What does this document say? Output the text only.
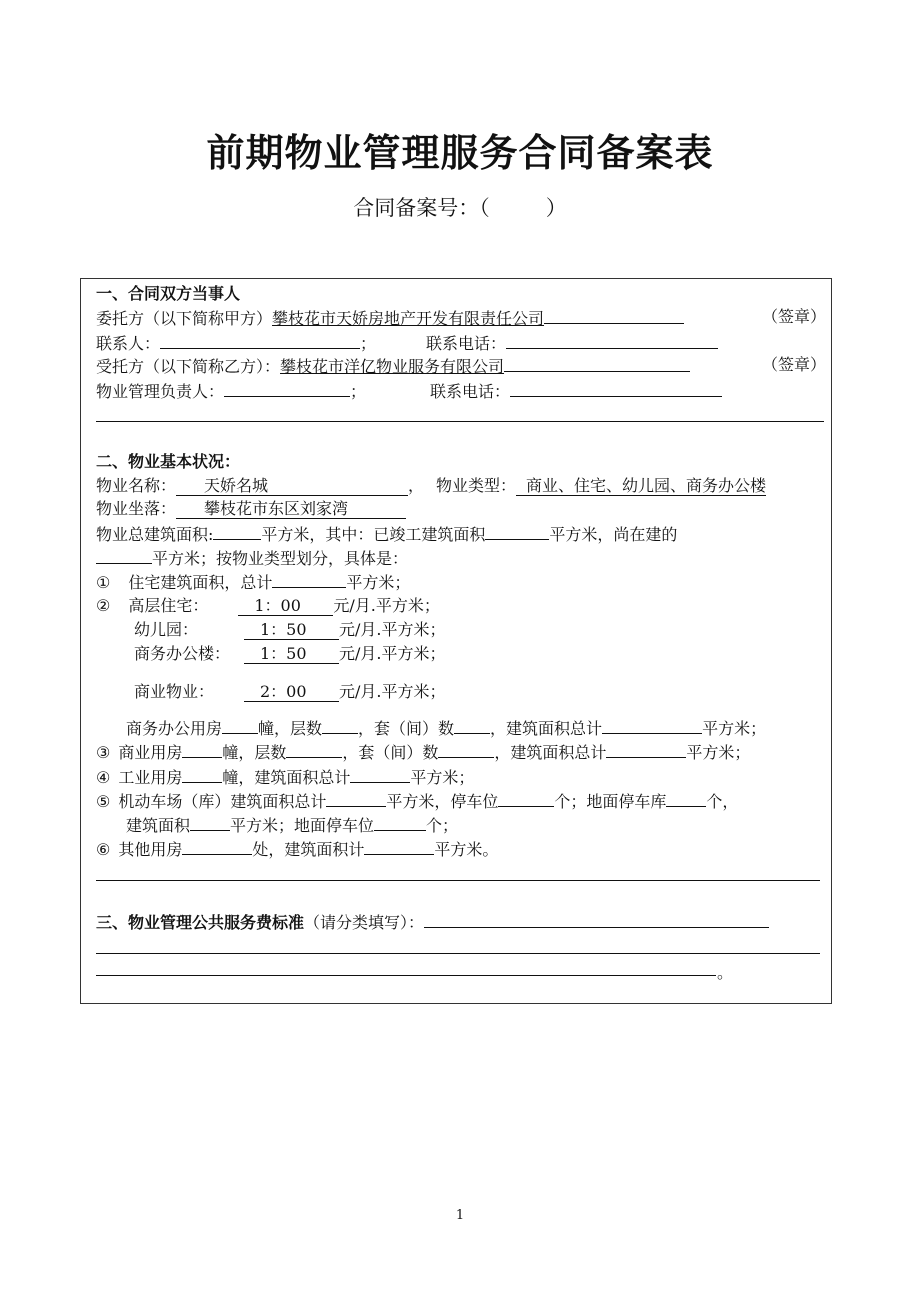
前期物业管理服务合同备案表
合同备案号：（	）
一、合同双方当事人
委托方（以下简称甲方）攀枝花市天娇房地产开发有限责任公司	（签章）
联系人：	；	联系电话：
受托方（以下简称乙方）：攀枝花市洋亿物业服务有限公司	（签章）
物业管理负责人：	；	联系电话：
二、物业基本状况：
物业名称： 天娇名城	， 物业类型： 商业、住宅、幼儿园、商务办公楼
物业坐落： 攀枝花市东区刘家湾
物业总建筑面积:	平方米，其中：已竣工建筑面积	平方米，尚在建的
平方米；按物业类型划分，具体是：
① 住宅建筑面积，总计	平方米；
② 高层住宅：	1：00 元/月.平方米；
幼儿园：	1：50 元/月.平方米；
商务办公楼： 1：50 元/月.平方米；
商业物业：	2：00 元/月.平方米；
商务办公用房 幢，层数 ，套（间）数 ，建筑面积总计	平方米；
③ 商业用房	幢，层数	，套（间）数	，建筑面积总计	平方米；
④ 工业用房	幢，建筑面积总计	平方米；
⑤ 机动车场（库）建筑面积总计	平方米，停车位	个；地面停车库	个，
建筑面积	平方米；地面停车位	个；
⑥ 其他用房	处，建筑面积计	平方米。
三、物业管理公共服务费标准（请分类填写）：
。
1
